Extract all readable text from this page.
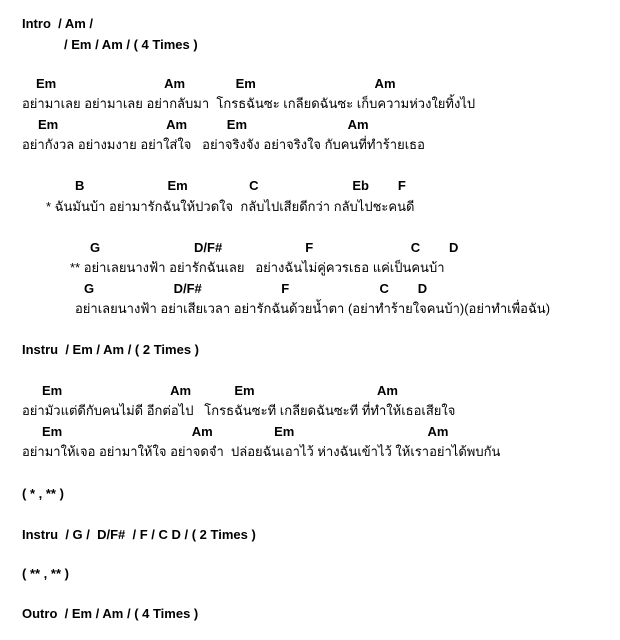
Intro  / Am /
/ Em / Am / ( 4 Times )
Em                              Am              Em                                 Am
อย่ามาเลย อย่ามาเลย อย่ากลับมา  โกรธฉันซะ เกลียดฉันซะ เก็บความห่วงใยทิ้งไป
Em                              Am           Em                            Am
อย่ากังวล อย่างมงาย อย่าใส่ใจ   อย่าจริงจัง อย่าจริงใจ กับคนที่ทำร้ายเธอ
B                       Em                 C                          Eb        F
* ฉันมันบ้า อย่ามารักฉันให้ปวดใจ  กลับไปเสียดีกว่า กลับไปชะคนดี
G                          D/F#                       F                           C        D
** อย่าเลยนางฟ้า อย่ารักฉันเลย   อย่างฉันไม่คู่ควรเธอ แค่เป็นคนบ้า
G                      D/F#                      F                         C        D
อย่าเลยนางฟ้า อย่าเสียเวลา อย่ารักฉันด้วยน้ำตา (อย่าทำร้ายใจคนบ้า)(อย่าทำเพื่อฉัน)
Instru  / Em / Am / ( 2 Times )
Em                              Am            Em                                  Am
อย่ามัวแต่ดีกับคนไม่ดี อีกต่อไป   โกรธฉันซะที เกลียดฉันซะที ที่ทำให้เธอเสียใจ
Em                                    Am                 Em                                     Am
อย่ามาให้เจอ อย่ามาให้ใจ อย่าจดจำ  ปล่อยฉันเอาไว้ ห่างฉันเข้าไว้ ให้เราอย่าได้พบกัน
( * , ** )
Instru  / G /  D/F#  / F / C D / ( 2 Times )
( ** , ** )
Outro  / Em / Am / ( 4 Times )
